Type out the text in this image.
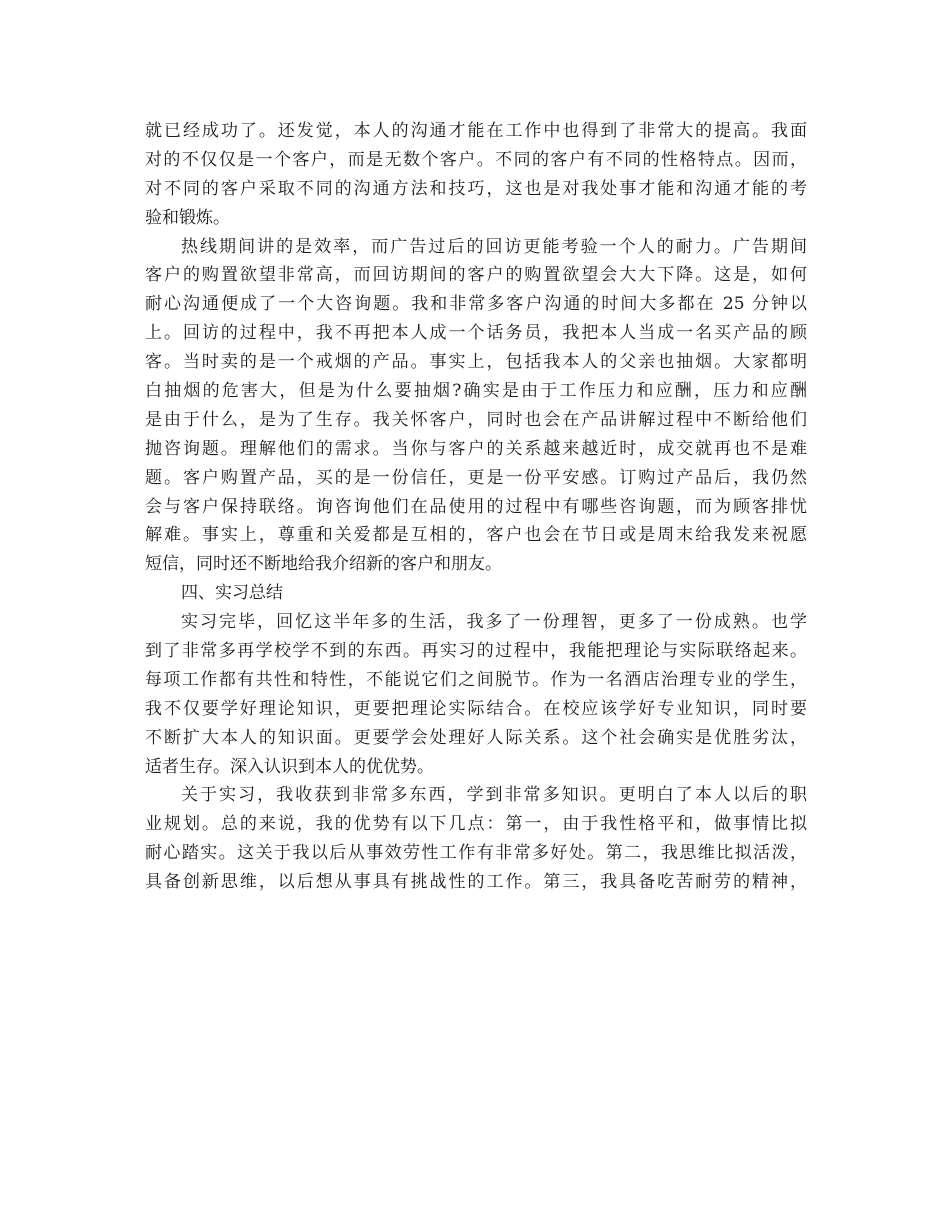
就已经成功了。还发觉，本人的沟通才能在工作中也得到了非常大的提高。我面
对的不仅仅是一个客户，而是无数个客户。不同的客户有不同的性格特点。因而，
对不同的客户采取不同的沟通方法和技巧，这也是对我处事才能和沟通才能的考
验和锻炼。
热线期间讲的是效率，而广告过后的回访更能考验一个人的耐力。广告期间
客户的购置欲望非常高，而回访期间的客户的购置欲望会大大下降。这是，如何
耐心沟通便成了一个大咨询题。我和非常多客户沟通的时间大多都在 25 分钟以
上。回访的过程中，我不再把本人成一个话务员，我把本人当成一名买产品的顾
客。当时卖的是一个戒烟的产品。事实上，包括我本人的父亲也抽烟。大家都明
白抽烟的危害大，但是为什么要抽烟?确实是由于工作压力和应酬，压力和应酬
是由于什么，是为了生存。我关怀客户，同时也会在产品讲解过程中不断给他们
抛咨询题。理解他们的需求。当你与客户的关系越来越近时，成交就再也不是难
题。客户购置产品，买的是一份信任，更是一份平安感。订购过产品后，我仍然
会与客户保持联络。询咨询他们在品使用的过程中有哪些咨询题，而为顾客排忧
解难。事实上，尊重和关爱都是互相的，客户也会在节日或是周末给我发来祝愿
短信，同时还不断地给我介绍新的客户和朋友。
四、实习总结
实习完毕，回忆这半年多的生活，我多了一份理智，更多了一份成熟。也学
到了非常多再学校学不到的东西。再实习的过程中，我能把理论与实际联络起来。
每项工作都有共性和特性，不能说它们之间脱节。作为一名酒店治理专业的学生，
我不仅要学好理论知识，更要把理论实际结合。在校应该学好专业知识，同时要
不断扩大本人的知识面。更要学会处理好人际关系。这个社会确实是优胜劣汰，
适者生存。深入认识到本人的优优势。
关于实习，我收获到非常多东西，学到非常多知识。更明白了本人以后的职
业规划。总的来说，我的优势有以下几点：第一，由于我性格平和，做事情比拟
耐心踏实。这关于我以后从事效劳性工作有非常多好处。第二，我思维比拟活泼，
具备创新思维，以后想从事具有挑战性的工作。第三，我具备吃苦耐劳的精神，
